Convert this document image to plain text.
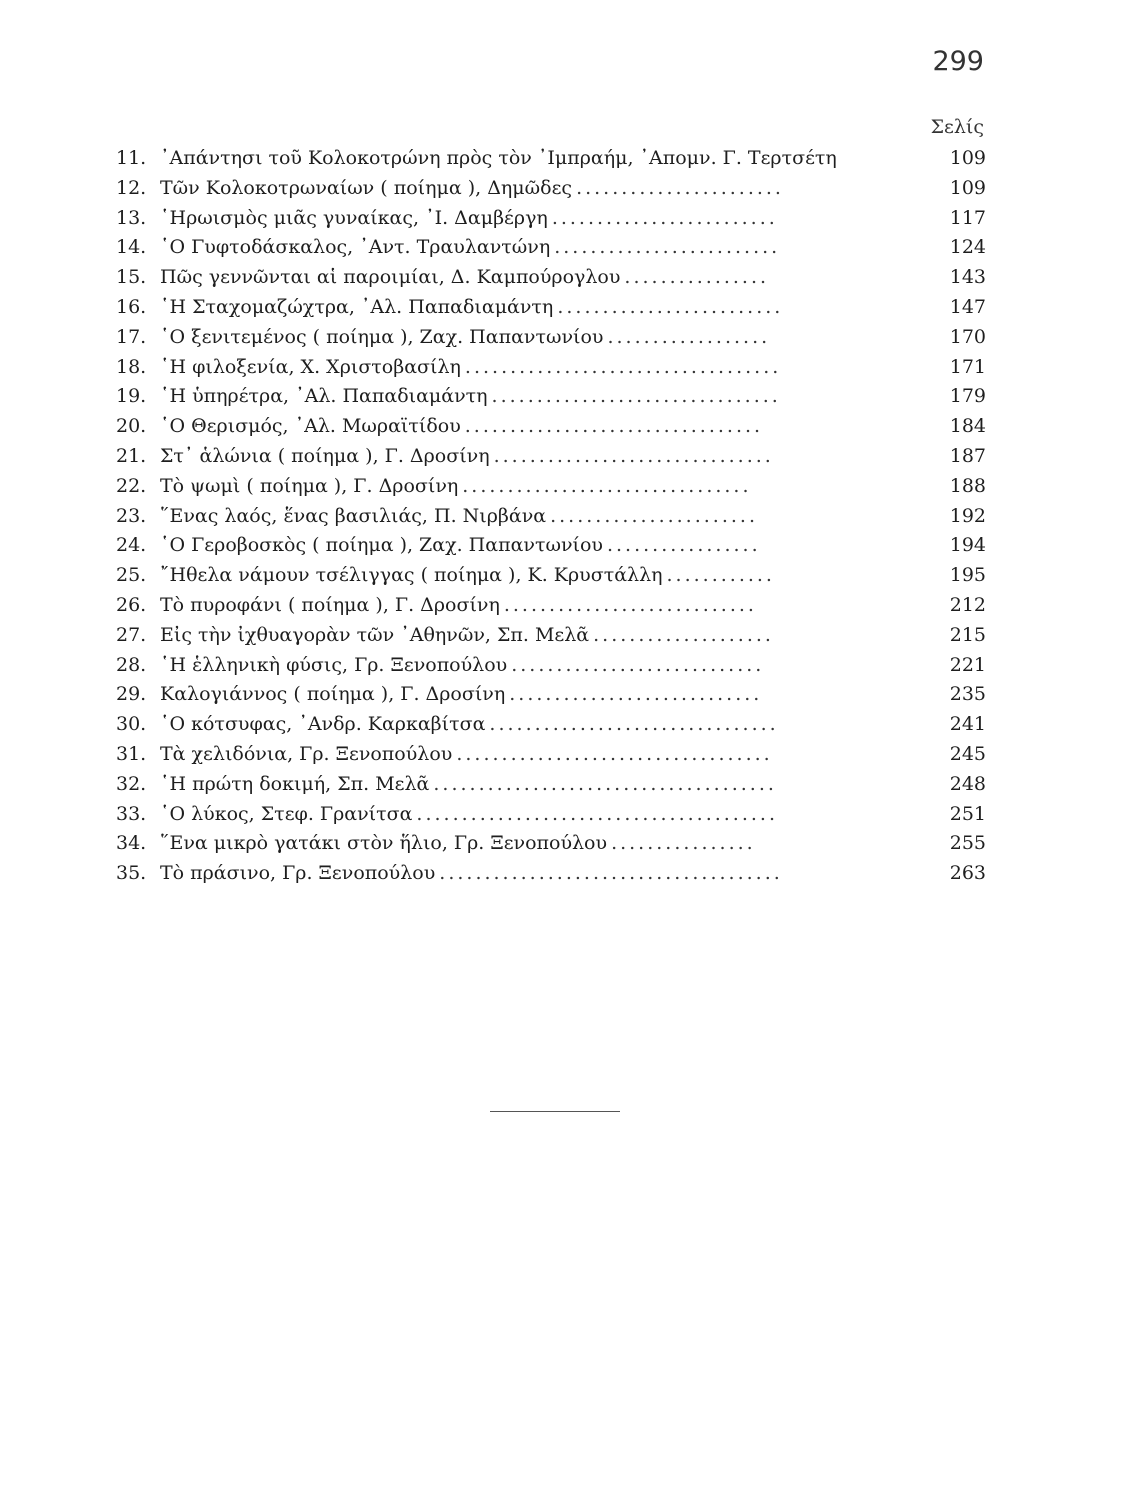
299
Σελίς
11. ᾿Απάντησι τοῦ Κολοκοτρώνη πρὸς τὸν ᾿Ιμπραήμ, ᾿Απομν. Γ. Τερτσέτη	109
12. Τῶν Κολοκοτρωναίων ( ποίημα ), Δημῶδες .......................	109
13. ῾Ηρωισμὸς μιᾶς γυναίκας, ᾿Ι. Δαμβέργη .........................	117
14. ῾Ο Γυφτοδάσκαλος, ᾿Αντ. Τραυλαντώνη .........................	124
15. Πῶς γεννῶνται αἱ παροιμίαι, Δ. Καμπούρογλου ................	143
16. ῾Η Σταχομαζώχτρα, ᾿Αλ. Παπαδιαμάντη .........................	147
17. ῾Ο ξενιτεμένος ( ποίημα ), Ζαχ. Παπαντωνίου ..................	170
18. ῾Η φιλοξενία, Χ. Χριστοβασίλη ...................................	171
19. ῾Η ὑπηρέτρα, ᾿Αλ. Παπαδιαμάντη ................................	179
20. ῾Ο Θερισμός, ᾿Αλ. Μωραϊτίδου .................................	184
21. Στ᾿ ἁλώνια ( ποίημα ), Γ. Δροσίνη ...............................	187
22. Τὸ ψωμὶ ( ποίημα ), Γ. Δροσίνη ................................	188
23. ῞Ενας λαός, ἕνας βασιλιάς, Π. Νιρβάνα .......................	192
24. ῾Ο Γεροβοσκὸς ( ποίημα ), Ζαχ. Παπαντωνίου .................	194
25. ῎Ηθελα νάμουν τσέλιγγας ( ποίημα ), Κ. Κρυστάλλη ............	195
26. Τὸ πυροφάνι ( ποίημα ), Γ. Δροσίνη ............................	212
27. Εἰς τὴν ἰχθυαγορὰν τῶν ᾿Αθηνῶν, Σπ. Μελᾶ ....................	215
28. ῾Η ἑλληνικὴ φύσις, Γρ. Ξενοπούλου ............................	221
29. Καλογιάννος ( ποίημα ), Γ. Δροσίνη ............................	235
30. ῾Ο κότσυφας, ᾿Ανδρ. Καρκαβίτσα ................................	241
31. Τὰ χελιδόνια, Γρ. Ξενοπούλου ...................................	245
32. ῾Η πρώτη δοκιμή, Σπ. Μελᾶ ......................................	248
33. ῾Ο λύκος, Στεφ. Γρανίτσα ........................................	251
34. ῞Ενα μικρὸ γατάκι στὸν ἥλιο, Γρ. Ξενοπούλου ................	255
35. Τὸ πράσινο, Γρ. Ξενοπούλου ......................................	263
